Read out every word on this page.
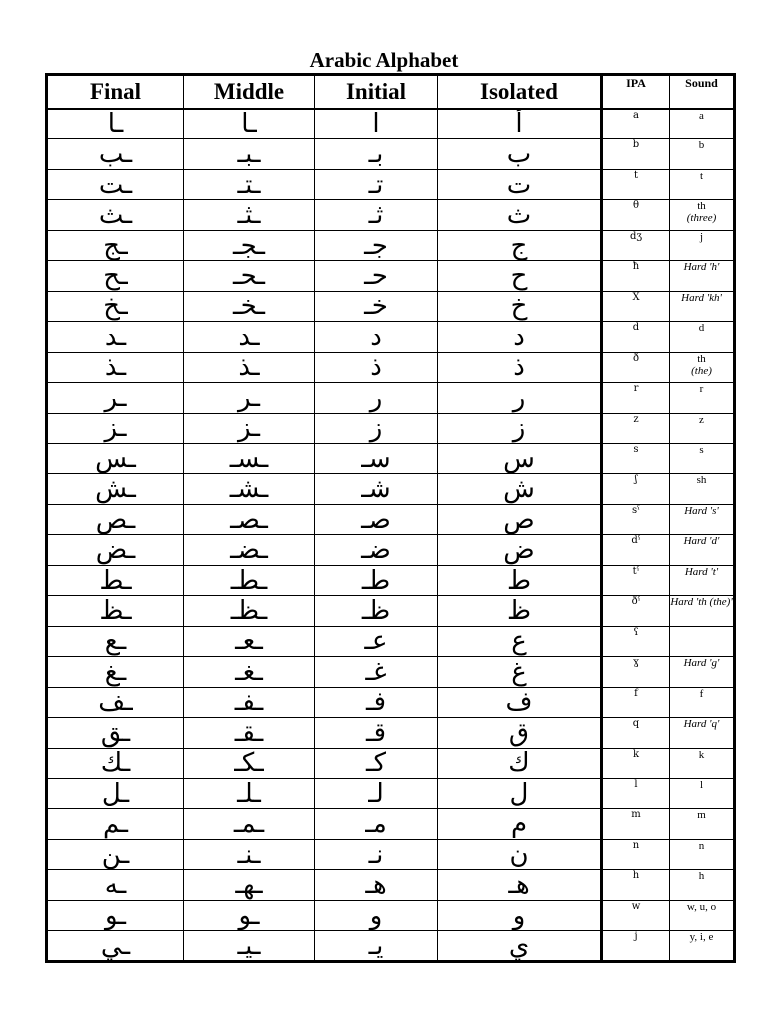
Arabic Alphabet
Final	Middle	Initial	Isolated	IPA	Sound
ـا	ـا	ا	أ	a	a
ـب	ـبـ	بـ	ب	b	b
ـت	ـتـ	تـ	ت	t	t
ـث	ـثـ	ثـ	ث	θ	th
(three)
ـج	ـجـ	جـ	ج	dʒ	j
ـح	ـحـ	حـ	ح	ħ	Hard 'h'
ـخ	ـخـ	خـ	خ	X	Hard 'kh'
ـد	ـد	د	د	d	d
ـذ	ـذ	ذ	ذ	ð	th
(the)
ـر	ـر	ر	ر	r	r
ـز	ـز	ز	ز	z	z
ـس	ـسـ	سـ	س	s	s
ـش	ـشـ	شـ	ش	ʃ	sh
ـص	ـصـ	صـ	ص	sˤ	Hard 's'
ـض	ـضـ	ضـ	ض	dˤ	Hard 'd'
ـط	ـطـ	طـ	ط	tˤ	Hard 't'
ـظ	ـظـ	ظـ	ظ	ðˤ	Hard 'th (the)'
ـع	ـعـ	عـ	ع	ʕ	
ـغ	ـغـ	غـ	غ	ɣ	Hard 'g'
ـف	ـفـ	فـ	ف	f	f
ـق	ـقـ	قـ	ق	q	Hard 'q'
ـك	ـكـ	كـ	ك	k	k
ـل	ـلـ	لـ	ل	l	l
ـم	ـمـ	مـ	م	m	m
ـن	ـنـ	نـ	ن	n	n
ـه	ـهـ	هـ	هـ	h	h
ـو	ـو	و	و	w	w, u, o
ـي	ـيـ	يـ	ي	j	y, i, e
